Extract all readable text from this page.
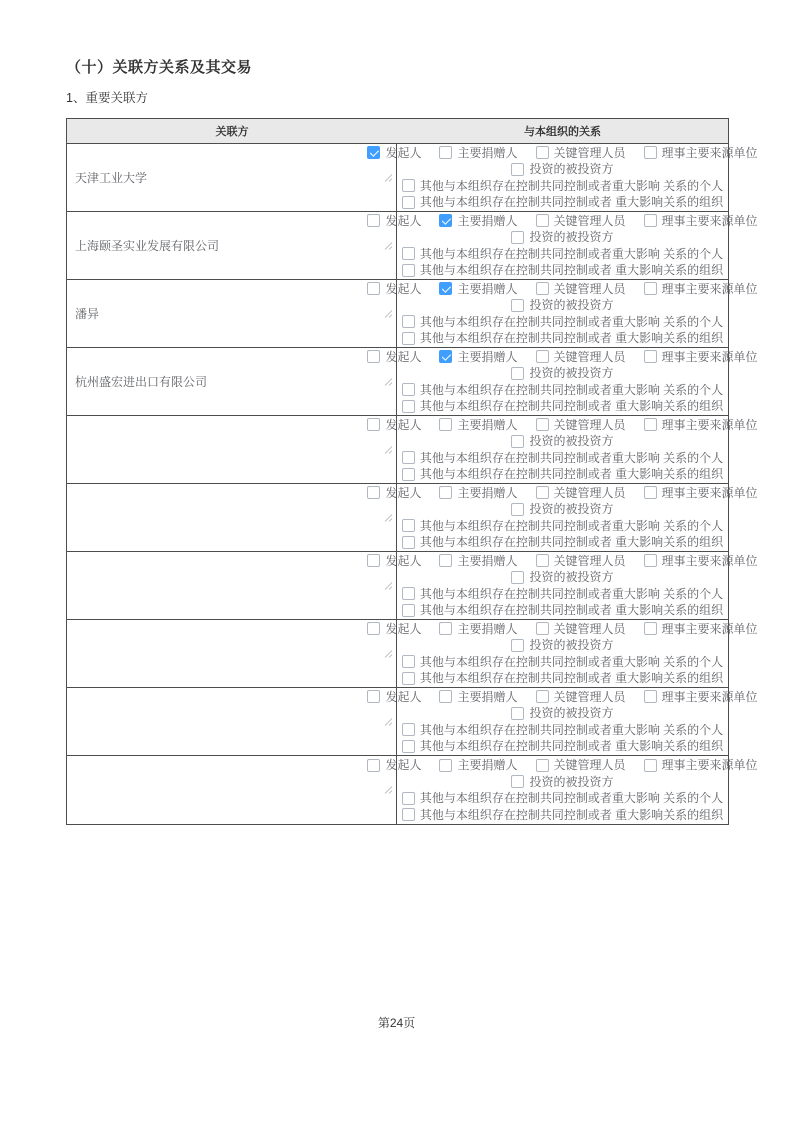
（十）关联方关系及其交易
1、重要关联方
关联方	与本组织的关系
天津工业大学
发起人	主要捐赠人	关键管理人员	理事主要来源单位
投资的被投资方
其他与本组织存在控制共同控制或者重大影响 关系的个人
其他与本组织存在控制共同控制或者 重大影响关系的组织
上海颐圣实业发展有限公司
发起人	主要捐赠人	关键管理人员	理事主要来源单位
投资的被投资方
其他与本组织存在控制共同控制或者重大影响 关系的个人
其他与本组织存在控制共同控制或者 重大影响关系的组织
潘异
发起人	主要捐赠人	关键管理人员	理事主要来源单位
投资的被投资方
其他与本组织存在控制共同控制或者重大影响 关系的个人
其他与本组织存在控制共同控制或者 重大影响关系的组织
杭州盛宏进出口有限公司
发起人	主要捐赠人	关键管理人员	理事主要来源单位
投资的被投资方
其他与本组织存在控制共同控制或者重大影响 关系的个人
其他与本组织存在控制共同控制或者 重大影响关系的组织
发起人	主要捐赠人	关键管理人员	理事主要来源单位
投资的被投资方
其他与本组织存在控制共同控制或者重大影响 关系的个人
其他与本组织存在控制共同控制或者 重大影响关系的组织
发起人	主要捐赠人	关键管理人员	理事主要来源单位
投资的被投资方
其他与本组织存在控制共同控制或者重大影响 关系的个人
其他与本组织存在控制共同控制或者 重大影响关系的组织
发起人	主要捐赠人	关键管理人员	理事主要来源单位
投资的被投资方
其他与本组织存在控制共同控制或者重大影响 关系的个人
其他与本组织存在控制共同控制或者 重大影响关系的组织
发起人	主要捐赠人	关键管理人员	理事主要来源单位
投资的被投资方
其他与本组织存在控制共同控制或者重大影响 关系的个人
其他与本组织存在控制共同控制或者 重大影响关系的组织
发起人	主要捐赠人	关键管理人员	理事主要来源单位
投资的被投资方
其他与本组织存在控制共同控制或者重大影响 关系的个人
其他与本组织存在控制共同控制或者 重大影响关系的组织
发起人	主要捐赠人	关键管理人员	理事主要来源单位
投资的被投资方
其他与本组织存在控制共同控制或者重大影响 关系的个人
其他与本组织存在控制共同控制或者 重大影响关系的组织
第24页
